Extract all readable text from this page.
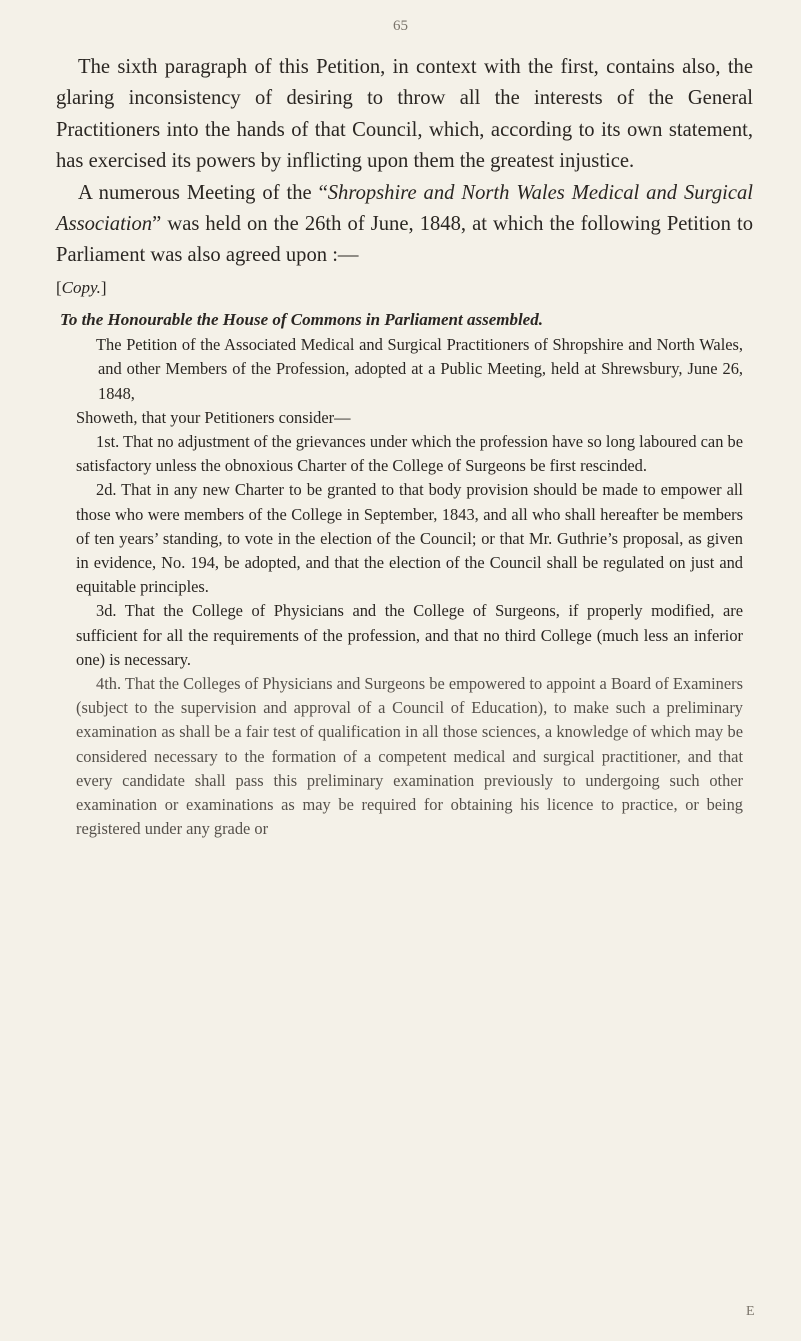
65

The sixth paragraph of this Petition, in context with the first, contains also, the glaring inconsistency of desiring to throw all the interests of the General Practitioners into the hands of that Council, which, according to its own statement, has exercised its powers by inflicting upon them the greatest injustice.

A numerous Meeting of the “Shropshire and North Wales Medical and Surgical Association” was held on the 26th of June, 1848, at which the following Petition to Parliament was also agreed upon :—

[Copy.]

To the Honourable the House of Commons in Parliament assembled.

The Petition of the Associated Medical and Surgical Practitioners of Shropshire and North Wales, and other Members of the Profession, adopted at a Public Meeting, held at Shrewsbury, June 26, 1848,

Showeth, that your Petitioners consider—

1st. That no adjustment of the grievances under which the profession have so long laboured can be satisfactory unless the obnoxious Charter of the College of Surgeons be first rescinded.

2d. That in any new Charter to be granted to that body provision should be made to empower all those who were members of the College in September, 1843, and all who shall hereafter be members of ten years’ standing, to vote in the election of the Council; or that Mr. Guthrie’s proposal, as given in evidence, No. 194, be adopted, and that the election of the Council shall be regulated on just and equitable principles.

3d. That the College of Physicians and the College of Surgeons, if properly modified, are sufficient for all the requirements of the profession, and that no third College (much less an inferior one) is necessary.

4th. That the Colleges of Physicians and Surgeons be empowered to appoint a Board of Examiners (subject to the supervision and approval of a Council of Education), to make such a preliminary examination as shall be a fair test of qualification in all those sciences, a knowledge of which may be considered necessary to the formation of a competent medical and surgical practitioner, and that every candidate shall pass this preliminary examination previously to undergoing such other examination or examinations as may be required for obtaining his licence to practice, or being registered under any grade or

E
